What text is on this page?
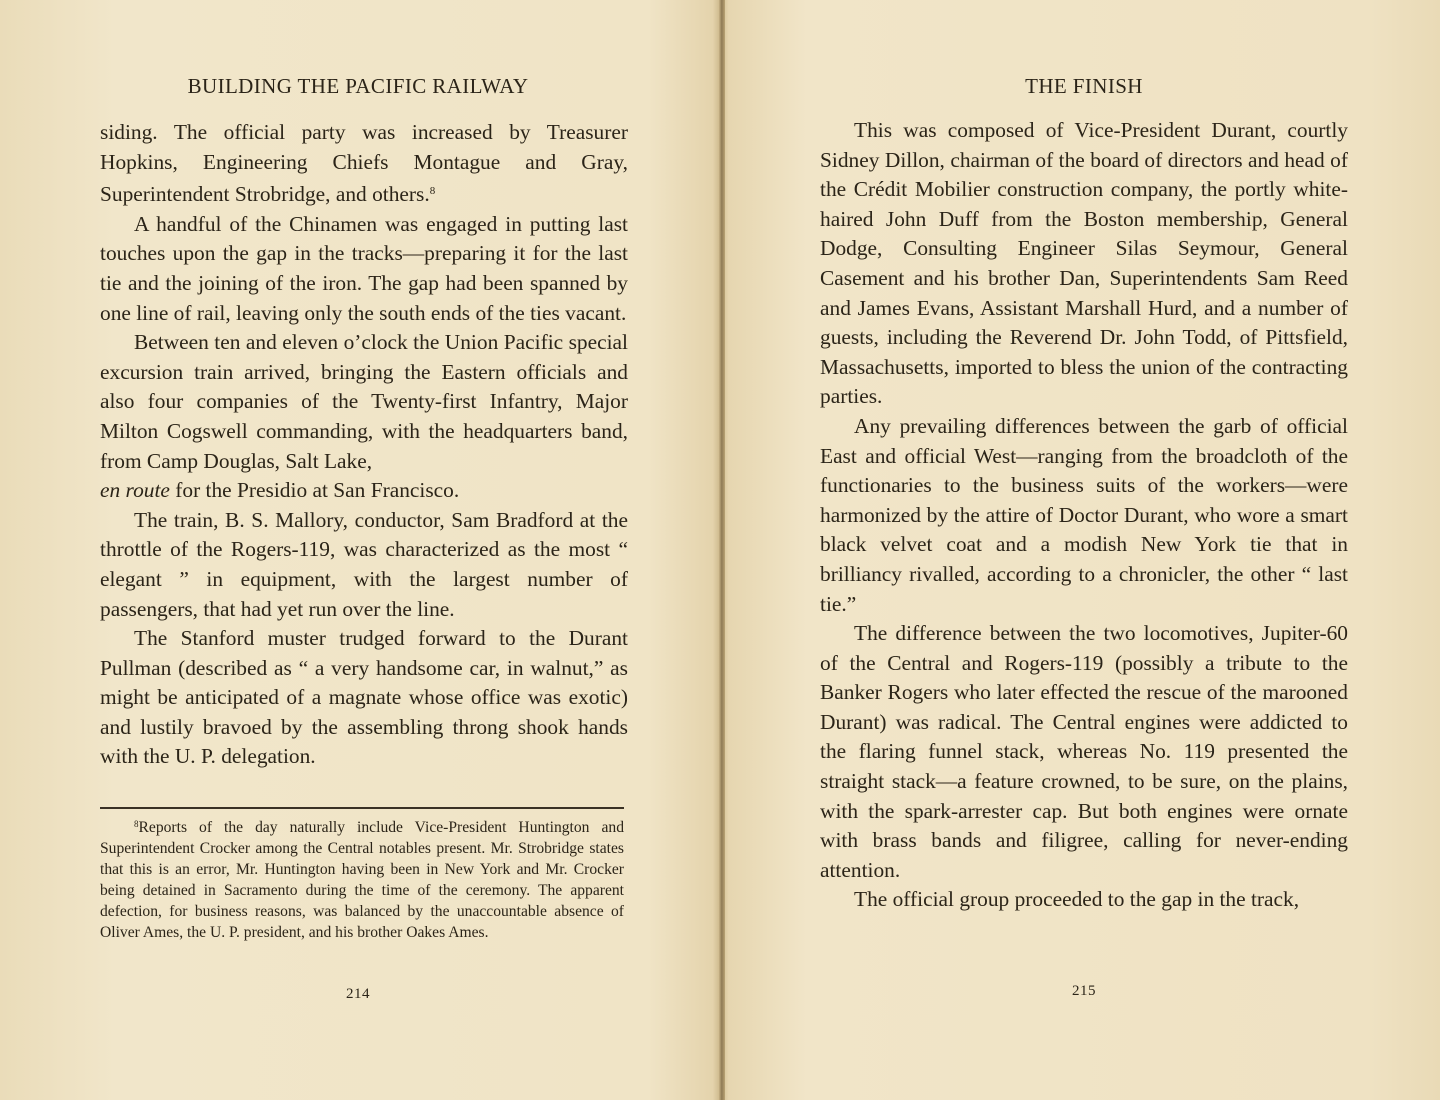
BUILDING THE PACIFIC RAILWAY

siding. The official party was increased by Treasurer Hopkins, Engineering Chiefs Montague and Gray, Superintendent Strobridge, and others.$^8$

A handful of the Chinamen was engaged in putting last touches upon the gap in the tracks—preparing it for the last tie and the joining of the iron. The gap had been spanned by one line of rail, leaving only the south ends of the ties vacant.

Between ten and eleven o’clock the Union Pacific special excursion train arrived, bringing the Eastern officials and also four companies of the Twenty-first Infantry, Major Milton Cogswell commanding, with the headquarters band, from Camp Douglas, Salt Lake,

en route for the Presidio at San Francisco.

The train, B. S. Mallory, conductor, Sam Bradford at the throttle of the Rogers-119, was characterized as the most “ elegant ” in equipment, with the largest number of passengers, that had yet run over the line.

The Stanford muster trudged forward to the Durant Pullman (described as “ a very handsome car, in walnut,” as might be anticipated of a magnate whose office was exotic) and lustily bravoed by the assembling throng shook hands with the U. P. delegation.

$^8$Reports of the day naturally include Vice-President Huntington and Superintendent Crocker among the Central notables present. Mr. Strobridge states that this is an error, Mr. Huntington having been in New York and Mr. Crocker being detained in Sacramento during the time of the ceremony. The apparent defection, for business reasons, was balanced by the unaccountable absence of Oliver Ames, the U. P. president, and his brother Oakes Ames.

214
THE FINISH

This was composed of Vice-President Durant, courtly Sidney Dillon, chairman of the board of directors and head of the Crédit Mobilier construction company, the portly white-haired John Duff from the Boston membership, General Dodge, Consulting Engineer Silas Seymour, General Casement and his brother Dan, Superintendents Sam Reed and James Evans, Assistant Marshall Hurd, and a number of guests, including the Reverend Dr. John Todd, of Pittsfield, Massachusetts, imported to bless the union of the contracting parties.

Any prevailing differences between the garb of official East and official West—ranging from the broadcloth of the functionaries to the business suits of the workers—were harmonized by the attire of Doctor Durant, who wore a smart black velvet coat and a modish New York tie that in brilliancy rivalled, according to a chronicler, the other “ last tie.”

The difference between the two locomotives, Jupiter-60 of the Central and Rogers-119 (possibly a tribute to the Banker Rogers who later effected the rescue of the marooned Durant) was radical. The Central engines were addicted to the flaring funnel stack, whereas No. 119 presented the straight stack—a feature crowned, to be sure, on the plains, with the spark-arrester cap. But both engines were ornate with brass bands and filigree, calling for never-ending attention.

The official group proceeded to the gap in the track,

215
